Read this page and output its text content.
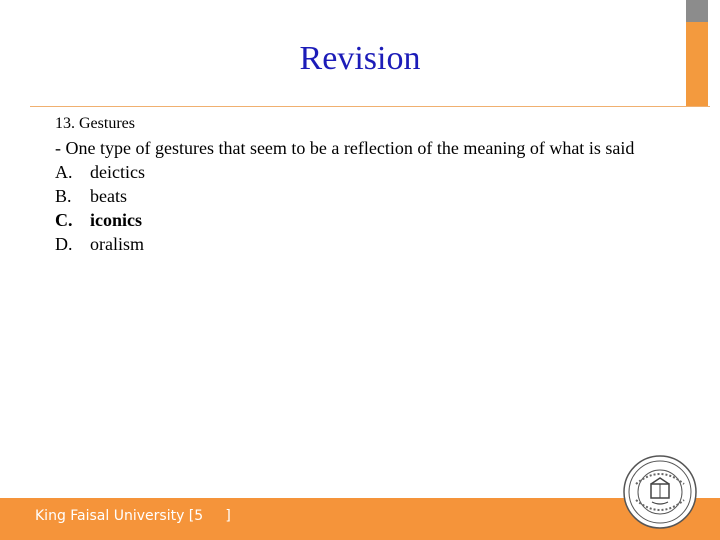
Revision
13. Gestures
- One type of gestures that seem to be a reflection of the meaning of what is said
A. deictics
B.	beats
C. iconics
D. oralism
King Faisal University [5     ]
